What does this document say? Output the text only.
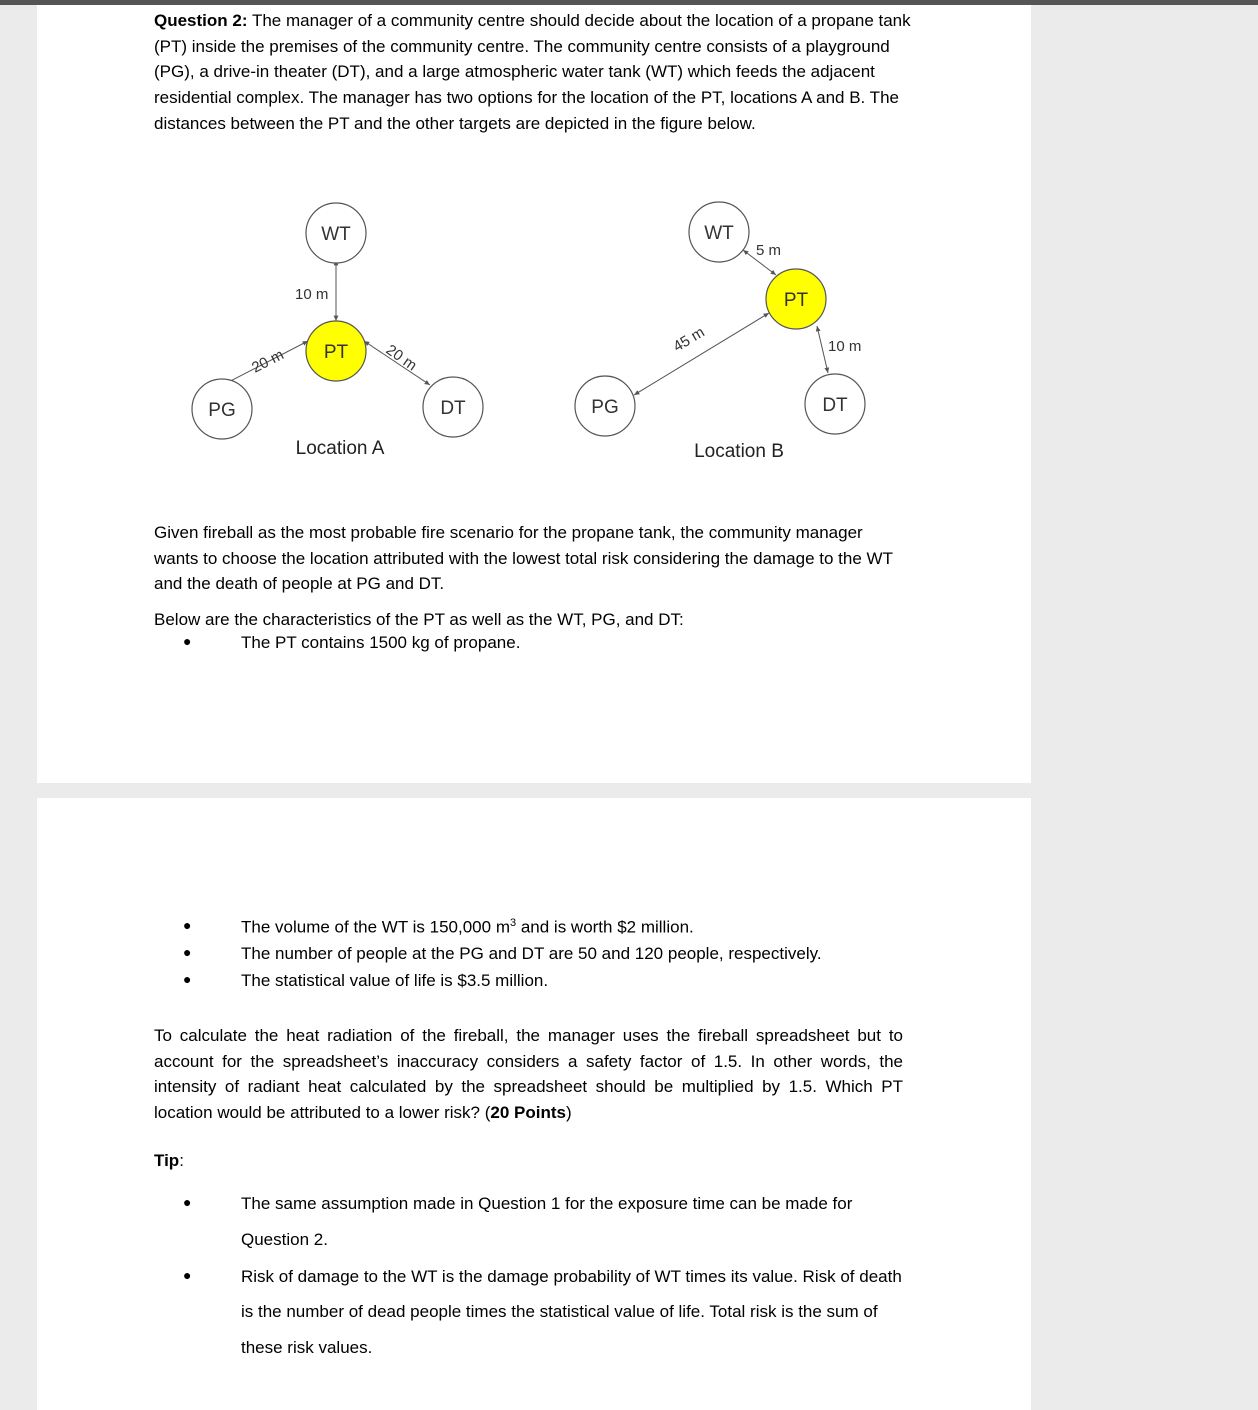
Question 2: The manager of a community centre should decide about the location of a propane tank (PT) inside the premises of the community centre. The community centre consists of a playground (PG), a drive-in theater (DT), and a large atmospheric water tank (WT) which feeds the adjacent residential complex. The manager has two options for the location of the PT, locations A and B. The distances between the PT and the other targets are depicted in the figure below.

WT
PT
PG	DT
10 m
20 m	20 m
Location A
WT
PT
PG	DT
5 m
45 m	10 m
Location B

Given fireball as the most probable fire scenario for the propane tank, the community manager wants to choose the location attributed with the lowest total risk considering the damage to the WT and the death of people at PG and DT.

Below are the characteristics of the PT as well as the WT, PG, and DT:

●	The PT contains 1500 kg of propane.
●	The volume of the WT is 150,000 $m^3$ and is worth $2 million.
●	The number of people at the PG and DT are 50 and 120 people, respectively.
●	The statistical value of life is $3.5 million.

To calculate the heat radiation of the fireball, the manager uses the fireball spreadsheet but to account for the spreadsheet’s inaccuracy considers a safety factor of 1.5. In other words, the intensity of radiant heat calculated by the spreadsheet should be multiplied by 1.5. Which PT location would be attributed to a lower risk? (20 Points)

Tip:

●	The same assumption made in Question 1 for the exposure time can be made for
Question 2.
●	Risk of damage to the WT is the damage probability of WT times its value. Risk of death
is the number of dead people times the statistical value of life. Total risk is the sum of
these risk values.
